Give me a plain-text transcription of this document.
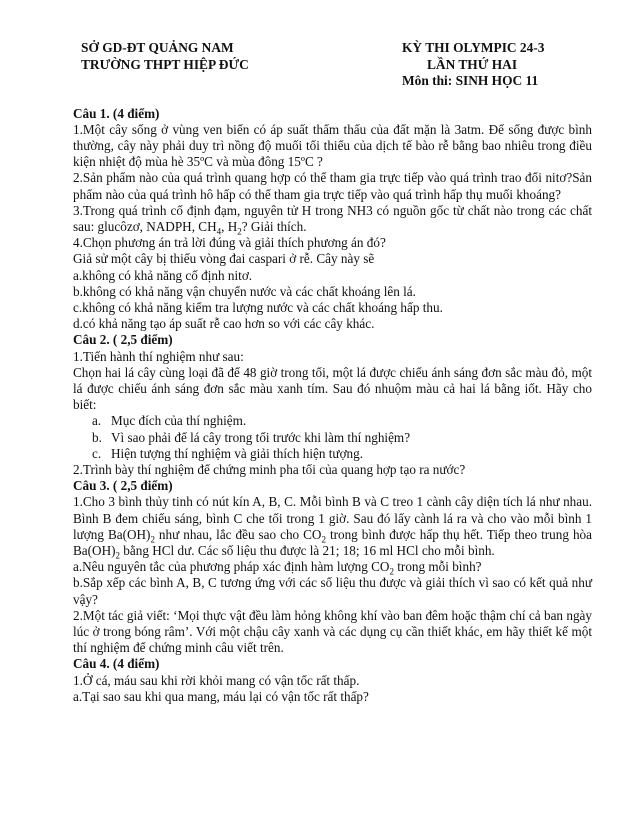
SỞ GD-ĐT QUẢNG NAM
TRƯỜNG THPT HIỆP ĐỨC
KỲ THI OLYMPIC 24-3
LẦN THỨ HAI
Môn thi: SINH HỌC 11
Câu 1. (4 điểm)

1.Một cây sống ở vùng ven biển có áp suất thẩm thấu của đất mặn là 3atm. Để sống được bình thường, cây này phải duy trì nồng độ muối tối thiểu của dịch tế bào rễ bằng bao nhiêu trong điều kiện nhiệt độ mùa hè 35ºC và mùa đông 15ºC ?

2.Sản phẩm nào của quá trình quang hợp có thể tham gia trực tiếp vào quá trình trao đổi nitơ?Sản phẩm nào của quá trình hô hấp có thể tham gia trực tiếp vào quá trình hấp thụ muối khoáng?

3.Trong quá trình cố định đạm, nguyên tử H trong NH3 có nguồn gốc từ chất nào trong các chất sau: glucôzơ, NADPH, $CH_4$, $H_2$? Giải thích.

4.Chọn phương án trả lời đúng và giải thích phương án đó?

Giả sử một cây bị thiếu vòng đai caspari ở rễ. Cây này sẽ

a.không có khả năng cố định nitơ.

b.không có khả năng vận chuyển nước và các chất khoáng lên lá.

c.không có khả năng kiểm tra lượng nước và các chất khoáng hấp thu.

d.có khả năng tạo áp suất rễ cao hơn so với các cây khác.

Câu 2. ( 2,5 điểm)

1.Tiến hành thí nghiệm như sau:

Chọn hai lá cây cùng loại đã để 48 giờ trong tối, một lá được chiếu ánh sáng đơn sắc màu đỏ, một lá được chiếu ánh sáng đơn sắc màu xanh tím. Sau đó nhuộm màu cả hai lá bằng iốt. Hãy cho biết:

a. Mục đích của thí nghiệm.
b. Vì sao phải để lá cây trong tối trước khi làm thí nghiệm?
c. Hiện tượng thí nghiệm và giải thích hiện tượng.

2.Trình bày thí nghiệm để chứng minh pha tối của quang hợp tạo ra nước?

Câu 3. ( 2,5 điểm)

1.Cho 3 bình thủy tinh có nút kín A, B, C. Mỗi bình B và C treo 1 cành cây diện tích lá như nhau. Bình B đem chiếu sáng, bình C che tối trong 1 giờ. Sau đó lấy cành lá ra và cho vào mỗi bình 1 lượng $Ba(OH)_2$ như nhau, lắc đều sao cho $CO_2$ trong bình được hấp thụ hết. Tiếp theo trung hòa $Ba(OH)_2$ bằng HCl dư. Các số liệu thu được là 21; 18; 16 ml HCl cho mỗi bình.

a.Nêu nguyên tắc của phương pháp xác định hàm lượng $CO_2$ trong mỗi bình?

b.Sắp xếp các bình A, B, C tương ứng với các số liệu thu được và giải thích vì sao có kết quả như vậy?

2.Một tác giả viết: ‘Mọi thực vật đều làm hỏng không khí vào ban đêm hoặc thậm chí cả ban ngày lúc ở trong bóng râm’. Với một chậu cây xanh và các dụng cụ cần thiết khác, em hãy thiết kế một thí nghiệm để chứng minh câu viết trên.

Câu 4. (4 điểm)

1.Ở cá, máu sau khi rời khỏi mang có vận tốc rất thấp.

a.Tại sao sau khi qua mang, máu lại có vận tốc rất thấp?
